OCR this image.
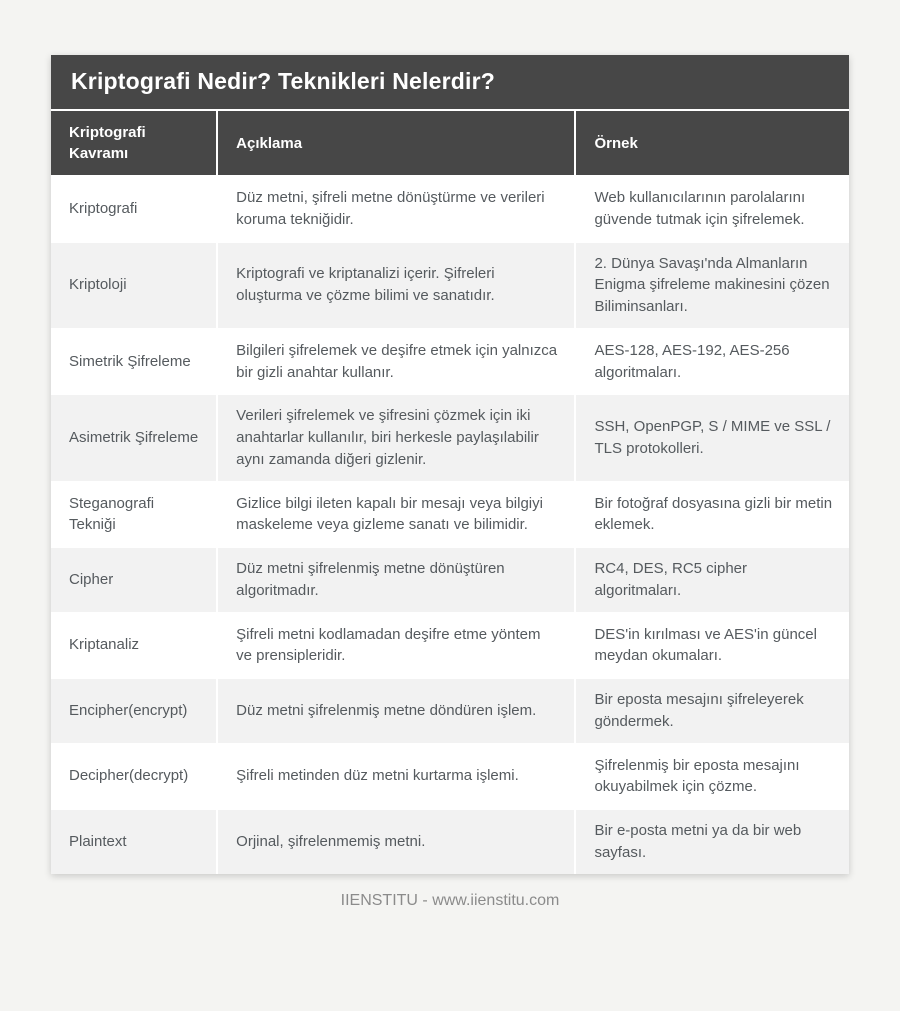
Kriptografi Nedir? Teknikleri Nelerdir?
Kriptografi Kavramı	Açıklama	Örnek
Kriptografi	Düz metni, şifreli metne dönüştürme ve verileri koruma tekniğidir.	Web kullanıcılarının parolalarını güvende tutmak için şifrelemek.
Kriptoloji	Kriptografi ve kriptanalizi içerir. Şifreleri oluşturma ve çözme bilimi ve sanatıdır.	2. Dünya Savaşı'nda Almanların Enigma şifreleme makinesini çözen Biliminsanları.
Simetrik Şifreleme	Bilgileri şifrelemek ve deşifre etmek için yalnızca bir gizli anahtar kullanır.	AES-128, AES-192, AES-256 algoritmaları.
Asimetrik Şifreleme	Verileri şifrelemek ve şifresini çözmek için iki anahtarlar kullanılır, biri herkesle paylaşılabilir aynı zamanda diğeri gizlenir.	SSH, OpenPGP, S / MIME ve SSL / TLS protokolleri.
Steganografi Tekniği	Gizlice bilgi ileten kapalı bir mesajı veya bilgiyi maskeleme veya gizleme sanatı ve bilimidir.	Bir fotoğraf dosyasına gizli bir metin eklemek.
Cipher	Düz metni şifrelenmiş metne dönüştüren algoritmadır.	RC4, DES, RC5 cipher algoritmaları.
Kriptanaliz	Şifreli metni kodlamadan deşifre etme yöntem ve prensipleridir.	DES'in kırılması ve AES'in güncel meydan okumaları.
Encipher(encrypt)	Düz metni şifrelenmiş metne döndüren işlem.	Bir eposta mesajını şifreleyerek göndermek.
Decipher(decrypt)	Şifreli metinden düz metni kurtarma işlemi.	Şifrelenmiş bir eposta mesajını okuyabilmek için çözme.
Plaintext	Orjinal, şifrelenmemiş metni.	Bir e-posta metni ya da bir web sayfası.
IIENSTITU - www.iienstitu.com
